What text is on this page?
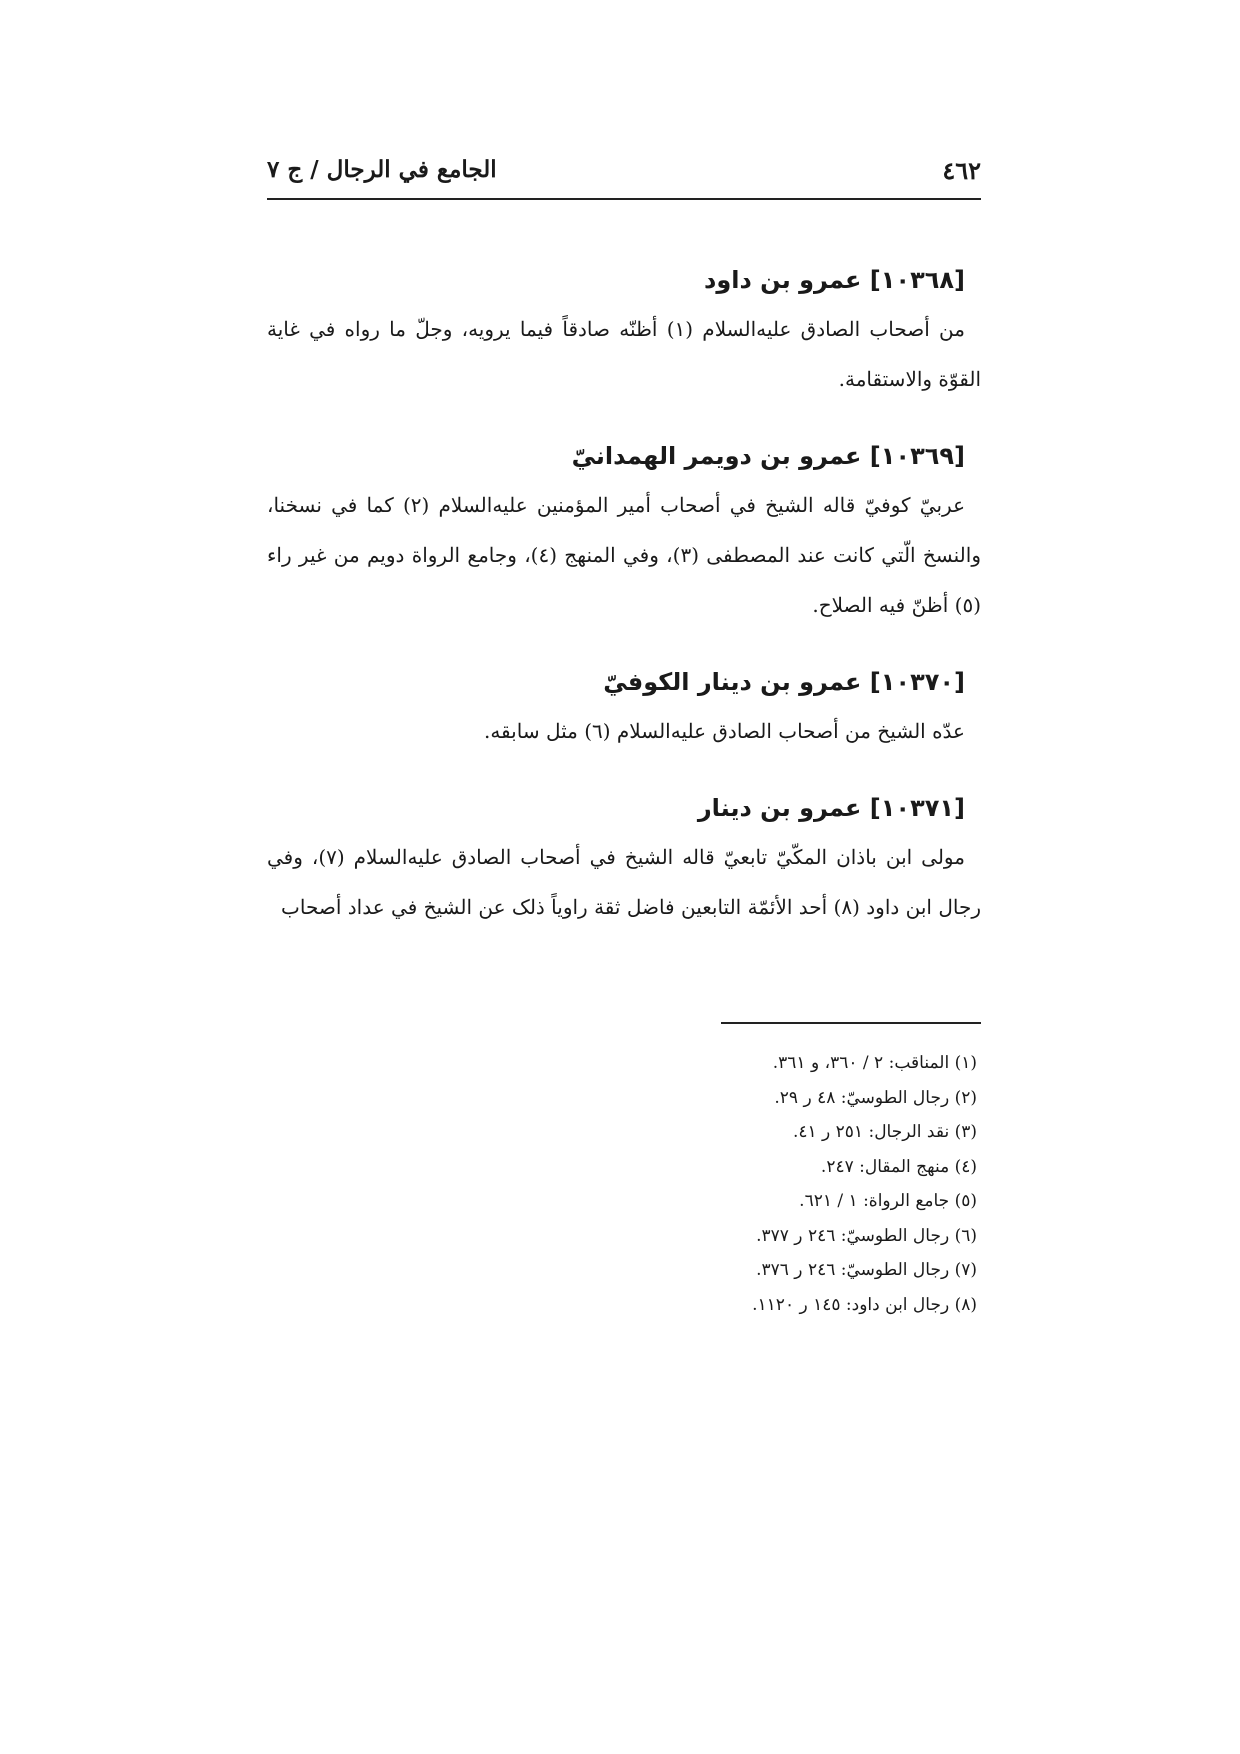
٤٦٢
الجامع في الرجال / ج ٧
[١٠٣٦٨] عمرو بن داود

من أصحاب الصادق عليه‌السلام (١) أظنّه صادقاً فيما يرويه، وجلّ ما رواه في غاية القوّة والاستقامة.

[١٠٣٦٩] عمرو بن دويمر الهمدانيّ

عربيّ كوفيّ قاله الشيخ في أصحاب أمير المؤمنين عليه‌السلام (٢) كما في نسخنا، والنسخ الّتي كانت عند المصطفى (٣)، وفي المنهج (٤)، وجامع الرواة دويم من غير راء (٥) أظنّ فيه الصلاح.

[١٠٣٧٠] عمرو بن دينار الكوفيّ

عدّه الشيخ من أصحاب الصادق عليه‌السلام (٦) مثل سابقه.

[١٠٣٧١] عمرو بن دينار

مولى ابن باذان المكّيّ تابعيّ قاله الشيخ في أصحاب الصادق عليه‌السلام (٧)، وفي رجال ابن داود (٨) أحد الأئمّة التابعين فاضل ثقة راوياً ذلک عن الشيخ في عداد أصحاب

(١) المناقب: ٢ / ٣٦٠، و ٣٦١.
(٢) رجال الطوسيّ: ٤٨ ر ٢٩.
(٣) نقد الرجال: ٢٥١ ر ٤١.
(٤) منهج المقال: ٢٤٧.
(٥) جامع الرواة: ١ / ٦٢١.
(٦) رجال الطوسيّ: ٢٤٦ ر ٣٧٧.
(٧) رجال الطوسيّ: ٢٤٦ ر ٣٧٦.
(٨) رجال ابن داود: ١٤٥ ر ١١٢٠.
